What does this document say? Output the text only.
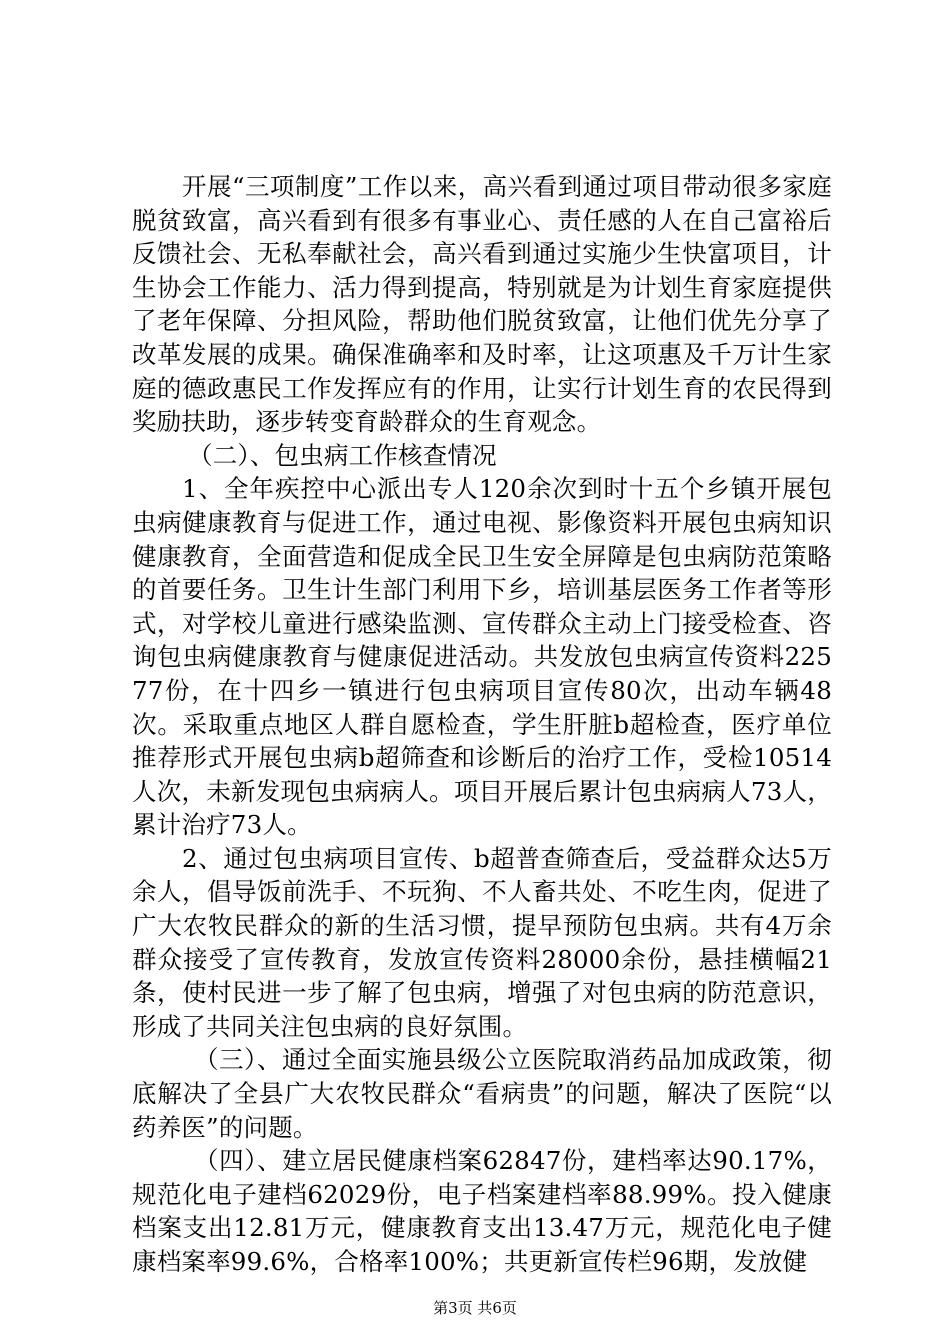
开展“三项制度”工作以来，高兴看到通过项目带动很多家庭脱贫致富，高兴看到有很多有事业心、责任感的人在自己富裕后反馈社会、无私奉献社会，高兴看到通过实施少生快富项目，计生协会工作能力、活力得到提高，特别就是为计划生育家庭提供了老年保障、分担风险，帮助他们脱贫致富，让他们优先分享了改革发展的成果。确保准确率和及时率，让这项惠及千万计生家庭的德政惠民工作发挥应有的作用，让实行计划生育的农民得到奖励扶助，逐步转变育龄群众的生育观念。

（二）、包虫病工作核查情况

1、全年疾控中心派出专人120余次到时十五个乡镇开展包虫病健康教育与促进工作，通过电视、影像资料开展包虫病知识健康教育，全面营造和促成全民卫生安全屏障是包虫病防范策略的首要任务。卫生计生部门利用下乡，培训基层医务工作者等形式，对学校儿童进行感染监测、宣传群众主动上门接受检查、咨询包虫病健康教育与健康促进活动。共发放包虫病宣传资料22577份，在十四乡一镇进行包虫病项目宣传80次，出动车辆48次。采取重点地区人群自愿检查，学生肝脏b超检查，医疗单位推荐形式开展包虫病b超筛查和诊断后的治疗工作，受检10514人次，未新发现包虫病病人。项目开展后累计包虫病病人73人，累计治疗73人。

2、通过包虫病项目宣传、b超普查筛查后，受益群众达5万余人，倡导饭前洗手、不玩狗、不人畜共处、不吃生肉，促进了广大农牧民群众的新的生活习惯，提早预防包虫病。共有4万余群众接受了宣传教育，发放宣传资料28000余份，悬挂横幅21条，使村民进一步了解了包虫病，增强了对包虫病的防范意识，形成了共同关注包虫病的良好氛围。

（三）、通过全面实施县级公立医院取消药品加成政策，彻底解决了全县广大农牧民群众“看病贵”的问题，解决了医院“以药养医”的问题。

（四）、建立居民健康档案62847份，建档率达90.17%，规范化电子建档62029份，电子档案建档率88.99%。投入健康档案支出12.81万元，健康教育支出13.47万元，规范化电子健康档案率99.6%，合格率100%；共更新宣传栏96期，发放健

第3页 共6页
